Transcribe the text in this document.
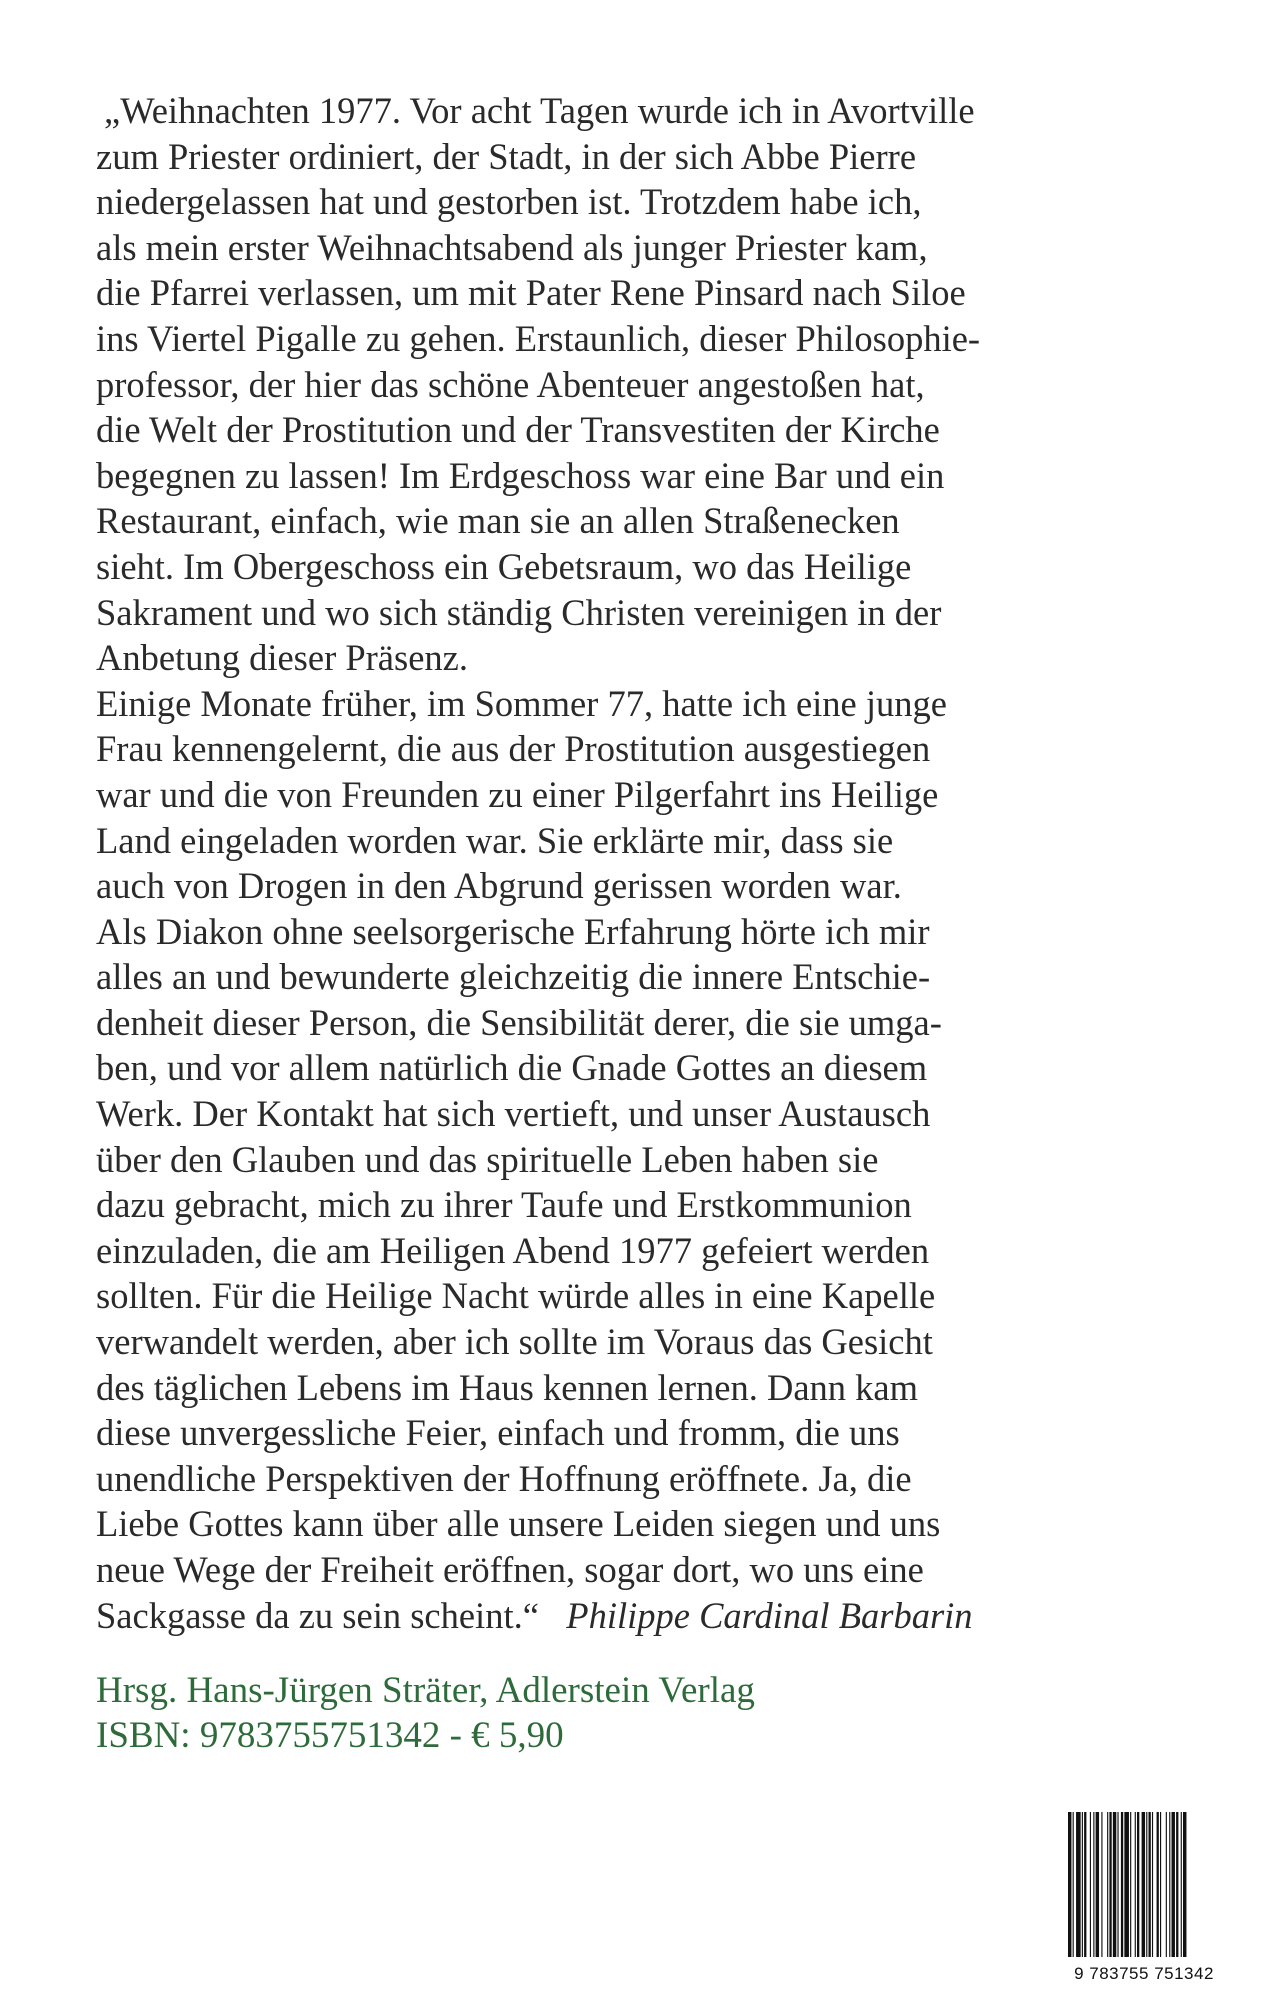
„Weihnachten 1977. Vor acht Tagen wurde ich in Avortville
zum Priester ordiniert, der Stadt, in der sich Abbe Pierre
niedergelassen hat und gestorben ist. Trotzdem habe ich,
als mein erster Weihnachtsabend als junger Priester kam,
die Pfarrei verlassen, um mit Pater Rene Pinsard nach Siloe
ins Viertel Pigalle zu gehen. Erstaunlich, dieser Philosophie-
professor, der hier das schöne Abenteuer angestoßen hat,
die Welt der Prostitution und der Transvestiten der Kirche
begegnen zu lassen! Im Erdgeschoss war eine Bar und ein
Restaurant, einfach, wie man sie an allen Straßenecken
sieht. Im Obergeschoss ein Gebetsraum, wo das Heilige
Sakrament und wo sich ständig Christen vereinigen in der
Anbetung dieser Präsenz.
Einige Monate früher, im Sommer 77, hatte ich eine junge
Frau kennengelernt, die aus der Prostitution ausgestiegen
war und die von Freunden zu einer Pilgerfahrt ins Heilige
Land eingeladen worden war. Sie erklärte mir, dass sie
auch von Drogen in den Abgrund gerissen worden war.
Als Diakon ohne seelsorgerische Erfahrung hörte ich mir
alles an und bewunderte gleichzeitig die innere Entschie-
denheit dieser Person, die Sensibilität derer, die sie umga-
ben, und vor allem natürlich die Gnade Gottes an diesem
Werk. Der Kontakt hat sich vertieft, und unser Austausch
über den Glauben und das spirituelle Leben haben sie
dazu gebracht, mich zu ihrer Taufe und Erstkommunion
einzuladen, die am Heiligen Abend 1977 gefeiert werden
sollten. Für die Heilige Nacht würde alles in eine Kapelle
verwandelt werden, aber ich sollte im Voraus das Gesicht
des täglichen Lebens im Haus kennen lernen. Dann kam
diese unvergessliche Feier, einfach und fromm, die uns
unendliche Perspektiven der Hoffnung eröffnete. Ja, die
Liebe Gottes kann über alle unsere Leiden siegen und uns
neue Wege der Freiheit eröffnen, sogar dort, wo uns eine
Sackgasse da zu sein scheint.“ Philippe Cardinal Barbarin
Hrsg. Hans-Jürgen Sträter, Adlerstein Verlag
ISBN: 9783755751342 - € 5,90
9 783755 751342
